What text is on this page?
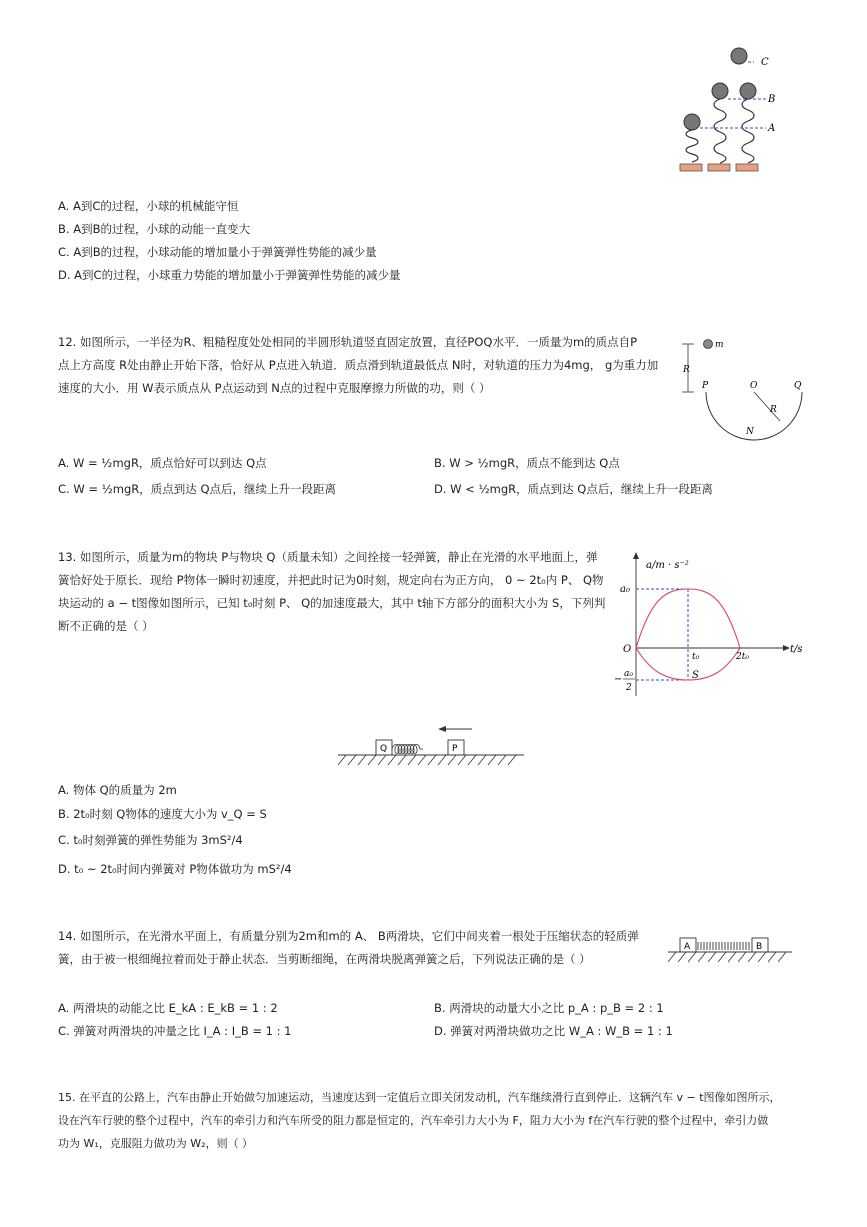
C
B
A
A. A到C的过程，小球的机械能守恒
B. A到B的过程，小球的动能一直变大
C. A到B的过程，小球动能的增加量小于弹簧弹性势能的减少量
D. A到C的过程，小球重力势能的增加量小于弹簧弹性势能的减少量
12. 如图所示，一半径为R、粗糙程度处处相同的半圆形轨道竖直固定放置，直径POQ水平．一质量为m的质点自P
点上方高度 R处由静止开始下落，恰好从 P点进入轨道．质点滑到轨道最低点 N时，对轨道的压力为4mg， g为重力加
速度的大小．用 W表示质点从 P点运动到 N点的过程中克服摩擦力所做的功，则（ ）
m
R
P	O	Q
R
N
A. W = ½mgR，质点恰好可以到达 Q点	B. W > ½mgR，质点不能到达 Q点
C. W = ½mgR，质点到达 Q点后，继续上升一段距离	D. W < ½mgR，质点到达 Q点后，继续上升一段距离
13. 如图所示，质量为m的物块 P与物块 Q（质量未知）之间拴接一轻弹簧，静止在光滑的水平地面上，弹
簧恰好处于原长．现给 P物体一瞬时初速度，并把此时记为0时刻，规定向右为正方向， 0 ~ 2t₀内 P、 Q物
块运动的 a − t图像如图所示，已知 t₀时刻 P、 Q的加速度最大，其中 t轴下方部分的面积大小为 S，下列判
断不正确的是（ ）
a/m · s⁻²
t/s
a₀
O
t₀	2t₀
a₀
−
2
S
Q	P
A. 物体 Q的质量为 2m
B. 2t₀时刻 Q物体的速度大小为 v_Q = S
C. t₀时刻弹簧的弹性势能为 3mS²/4
D. t₀ ~ 2t₀时间内弹簧对 P物体做功为 mS²/4
14. 如图所示，在光滑水平面上，有质量分别为2m和m的 A、 B两滑块，它们中间夹着一根处于压缩状态的轻质弹
簧，由于被一根细绳拉着而处于静止状态．当剪断细绳，在两滑块脱离弹簧之后，下列说法正确的是（ ）
A	B
A. 两滑块的动能之比 E_kA : E_kB = 1 : 2	B. 两滑块的动量大小之比 p_A : p_B = 2 : 1
C. 弹簧对两滑块的冲量之比 I_A : I_B = 1 : 1	D. 弹簧对两滑块做功之比 W_A : W_B = 1 : 1
15. 在平直的公路上，汽车由静止开始做匀加速运动，当速度达到一定值后立即关闭发动机，汽车继续滑行直到停止．这辆汽车 v − t图像如图所示，
设在汽车行驶的整个过程中，汽车的牵引力和汽车所受的阻力都是恒定的，汽车牵引力大小为 F，阻力大小为 f在汽车行驶的整个过程中，牵引力做
功为 W₁，克服阻力做功为 W₂，则（ ）
